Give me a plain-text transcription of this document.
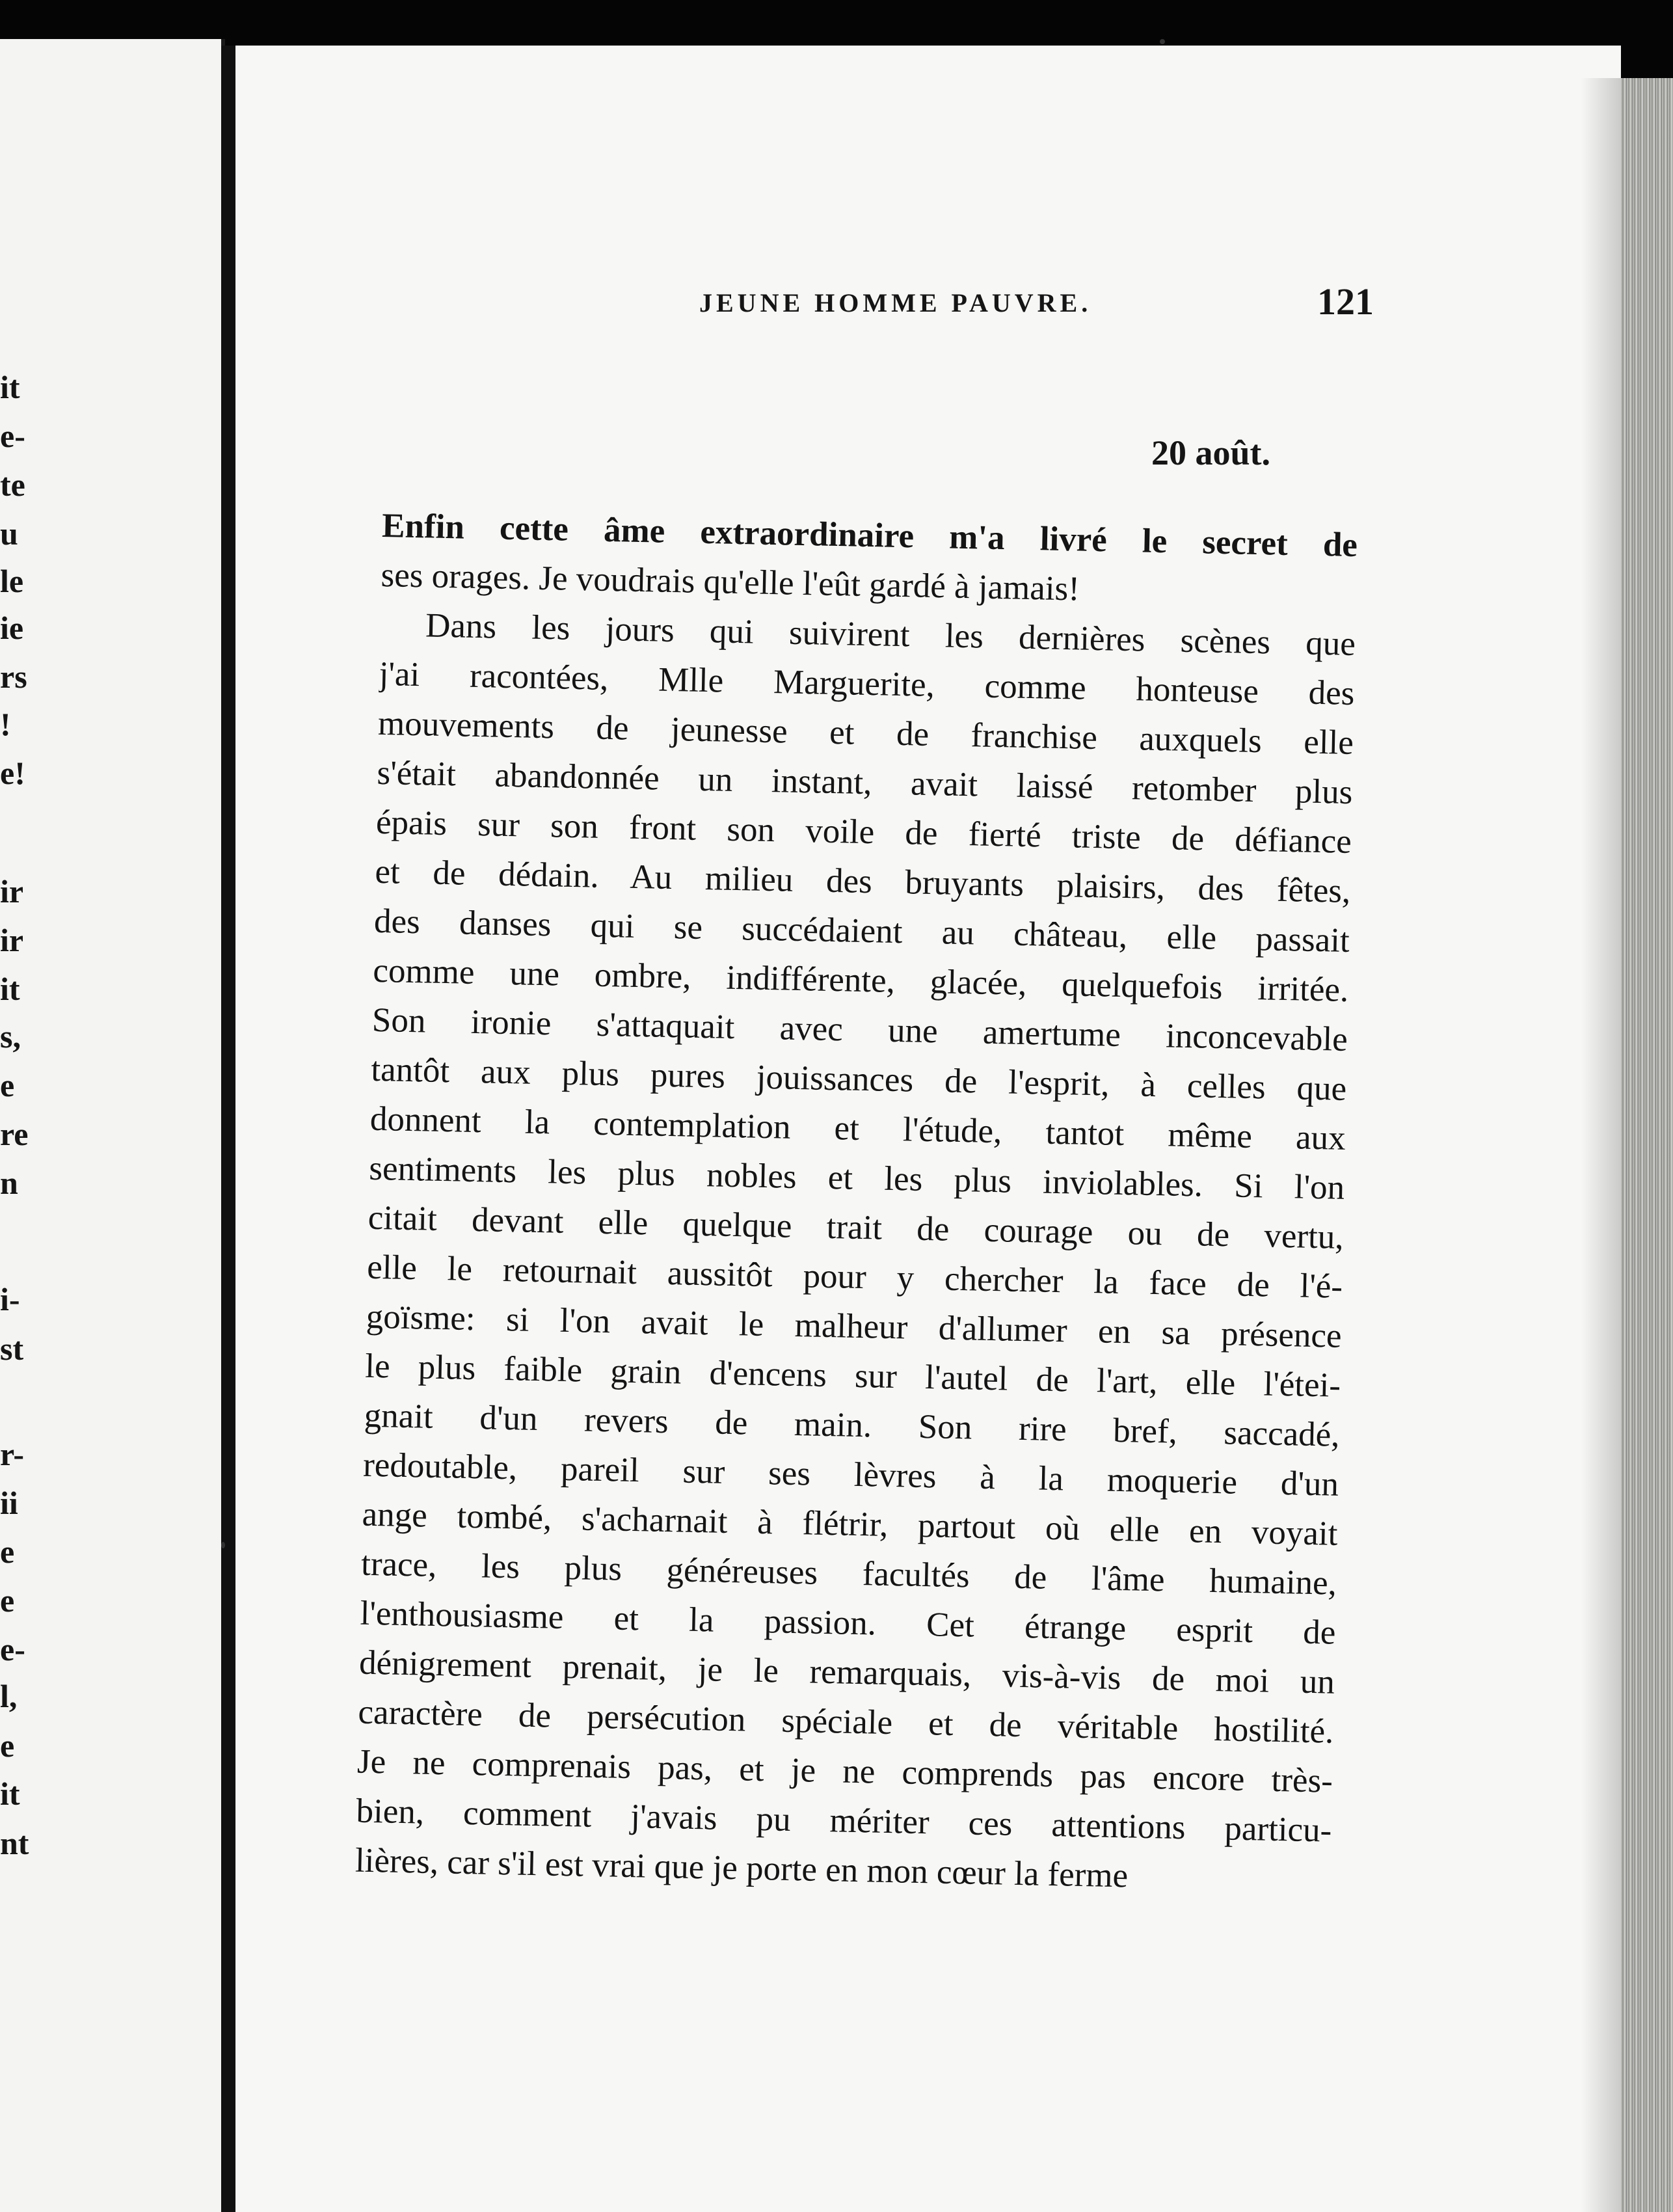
it
e-
te
u
le
ie
rs
!
e!
ir
ir
it
s,
e
re
n
i-
st
r-
ii
e
e
e-
l,
e
it
nt
JEUNE HOMME PAUVRE.	121
20 août.
Enfin cette âme extraordinaire m'a livré le secret de
ses orages. Je voudrais qu'elle l'eût gardé à jamais!
Dans les jours qui suivirent les dernières scènes que
j'ai racontées, Mlle Marguerite, comme honteuse des
mouvements de jeunesse et de franchise auxquels elle
s'était abandonnée un instant, avait laissé retomber plus
épais sur son front son voile de fierté triste de défiance
et de dédain. Au milieu des bruyants plaisirs, des fêtes,
des danses qui se succédaient au château, elle passait
comme une ombre, indifférente, glacée, quelquefois irritée.
Son ironie s'attaquait avec une amertume inconcevable
tantôt aux plus pures jouissances de l'esprit, à celles que
donnent la contemplation et l'étude, tantot même aux
sentiments les plus nobles et les plus inviolables. Si l'on
citait devant elle quelque trait de courage ou de vertu,
elle le retournait aussitôt pour y chercher la face de l'é-
goïsme: si l'on avait le malheur d'allumer en sa présence
le plus faible grain d'encens sur l'autel de l'art, elle l'étei-
gnait d'un revers de main. Son rire bref, saccadé,
redoutable, pareil sur ses lèvres à la moquerie d'un
ange tombé, s'acharnait à flétrir, partout où elle en voyait
trace, les plus généreuses facultés de l'âme humaine,
l'enthousiasme et la passion. Cet étrange esprit de
dénigrement prenait, je le remarquais, vis-à-vis de moi un
caractère de persécution spéciale et de véritable hostilité.
Je ne comprenais pas, et je ne comprends pas encore très-
bien, comment j'avais pu mériter ces attentions particu-
lières, car s'il est vrai que je porte en mon cœur la ferme
